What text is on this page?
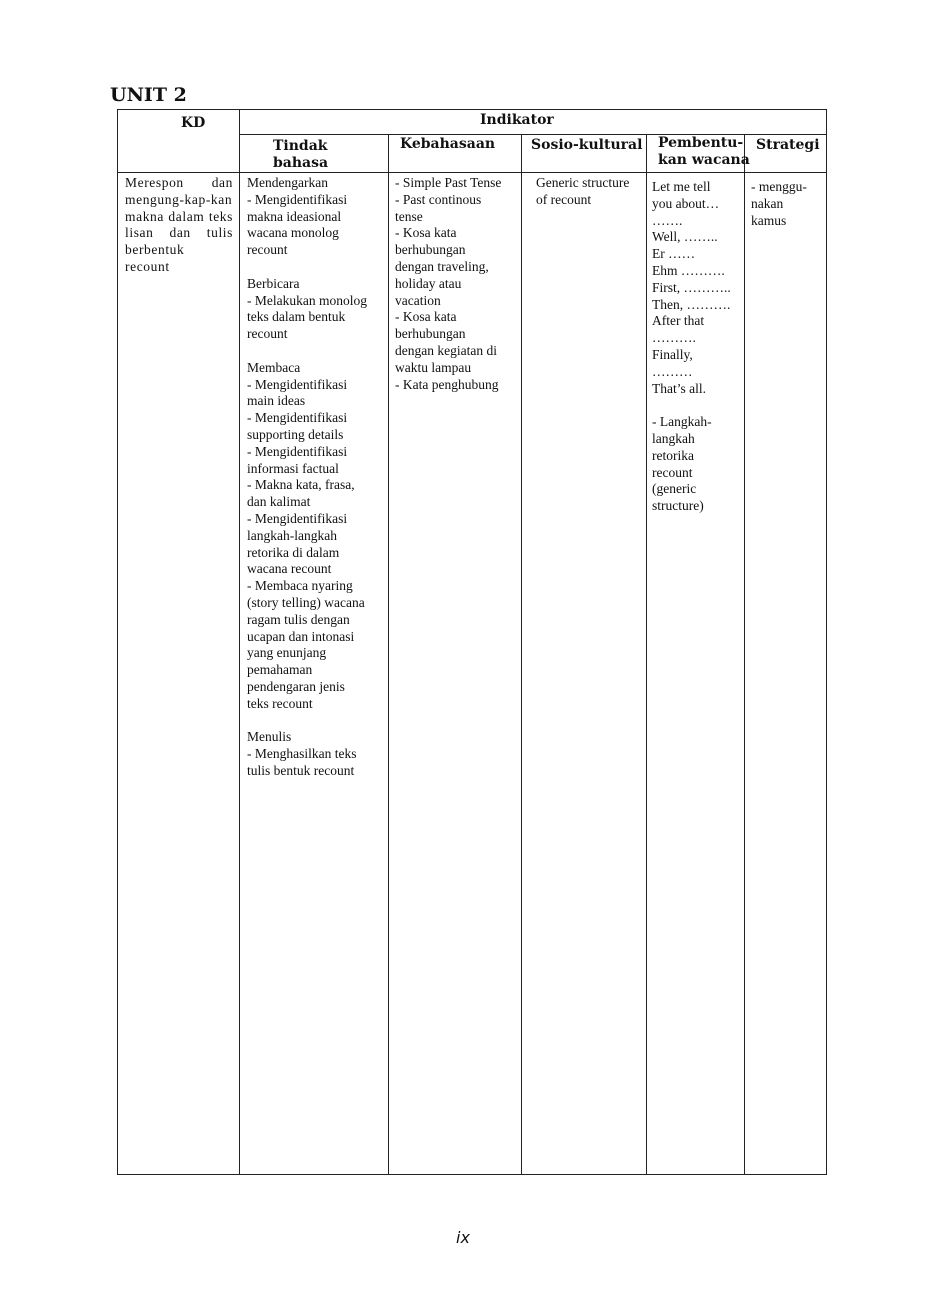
UNIT 2
KD	Indikator
Tindak
bahasa
Kebahasaan	Sosio-kultural Pembentu-
kan wacana
Strategi
Merespon dan mengung-kap-kan makna dalam teks lisan dan tulis berbentuk recount
Mendengarkan
- Mengidentifikasi
makna ideasional
wacana monolog
recount

Berbicara
- Melakukan monolog
teks dalam bentuk
recount

Membaca
- Mengidentifikasi
main ideas
- Mengidentifikasi
supporting details
- Mengidentifikasi
informasi factual
- Makna kata, frasa,
dan kalimat
- Mengidentifikasi
langkah-langkah
retorika di dalam
wacana recount
- Membaca nyaring
(story telling) wacana
ragam tulis dengan
ucapan dan intonasi
yang enunjang
pemahaman
pendengaran jenis
teks recount

Menulis
- Menghasilkan teks
tulis bentuk recount
- Simple Past Tense
- Past continous
tense
- Kosa kata
berhubungan
dengan traveling,
holiday atau
vacation
- Kosa kata
berhubungan
dengan kegiatan di
waktu lampau
- Kata penghubung
Generic structure
of recount
Let me tell
you about…
…….
Well, ……..
Er ……
Ehm ……….
First, ………..
Then, ……….
After that
……….
Finally,
………
That’s all.

- Langkah-
langkah
retorika
recount
(generic
structure)
- menggu-
nakan
kamus
ix
